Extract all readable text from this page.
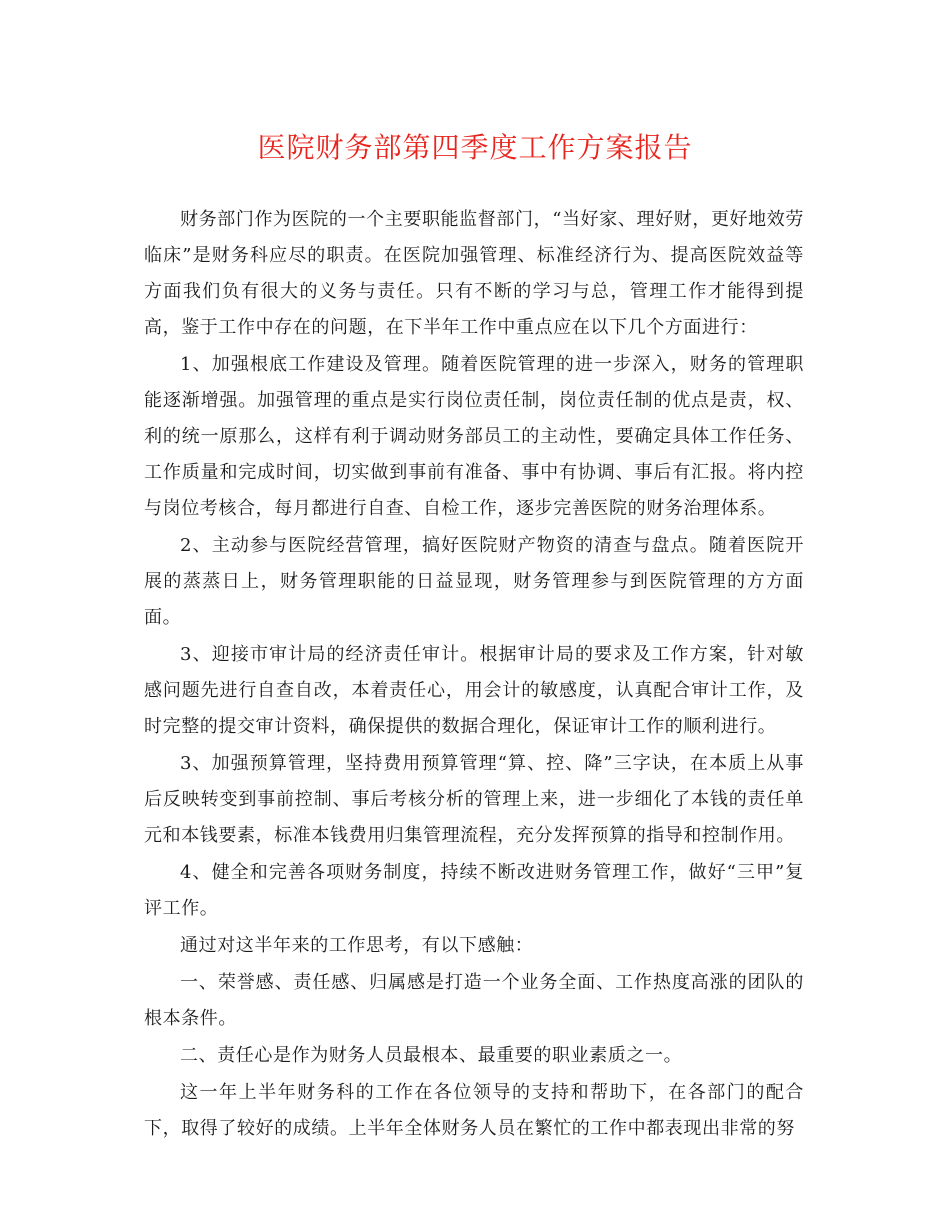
医院财务部第四季度工作方案报告

财务部门作为医院的一个主要职能监督部门，“当好家、理好财，更好地效劳临床”是财务科应尽的职责。在医院加强管理、标准经济行为、提高医院效益等方面我们负有很大的义务与责任。只有不断的学习与总，管理工作才能得到提高，鉴于工作中存在的问题，在下半年工作中重点应在以下几个方面进行：

1、加强根底工作建设及管理。随着医院管理的进一步深入，财务的管理职能逐渐增强。加强管理的重点是实行岗位责任制，岗位责任制的优点是责，权、利的统一原那么，这样有利于调动财务部员工的主动性，要确定具体工作任务、工作质量和完成时间，切实做到事前有准备、事中有协调、事后有汇报。将内控与岗位考核合，每月都进行自查、自检工作，逐步完善医院的财务治理体系。

2、主动参与医院经营管理，搞好医院财产物资的清查与盘点。随着医院开展的蒸蒸日上，财务管理职能的日益显现，财务管理参与到医院管理的方方面面。

3、迎接市审计局的经济责任审计。根据审计局的要求及工作方案，针对敏感问题先进行自查自改，本着责任心，用会计的敏感度，认真配合审计工作，及时完整的提交审计资料，确保提供的数据合理化，保证审计工作的顺利进行。

3、加强预算管理，坚持费用预算管理“算、控、降”三字诀，在本质上从事后反映转变到事前控制、事后考核分析的管理上来，进一步细化了本钱的责任单元和本钱要素，标准本钱费用归集管理流程，充分发挥预算的指导和控制作用。

4、健全和完善各项财务制度，持续不断改进财务管理工作，做好“三甲”复评工作。

通过对这半年来的工作思考，有以下感触：

一、荣誉感、责任感、归属感是打造一个业务全面、工作热度高涨的团队的根本条件。

二、责任心是作为财务人员最根本、最重要的职业素质之一。

这一年上半年财务科的工作在各位领导的支持和帮助下，在各部门的配合下，取得了较好的成绩。上半年全体财务人员在繁忙的工作中都表现出非常的努
